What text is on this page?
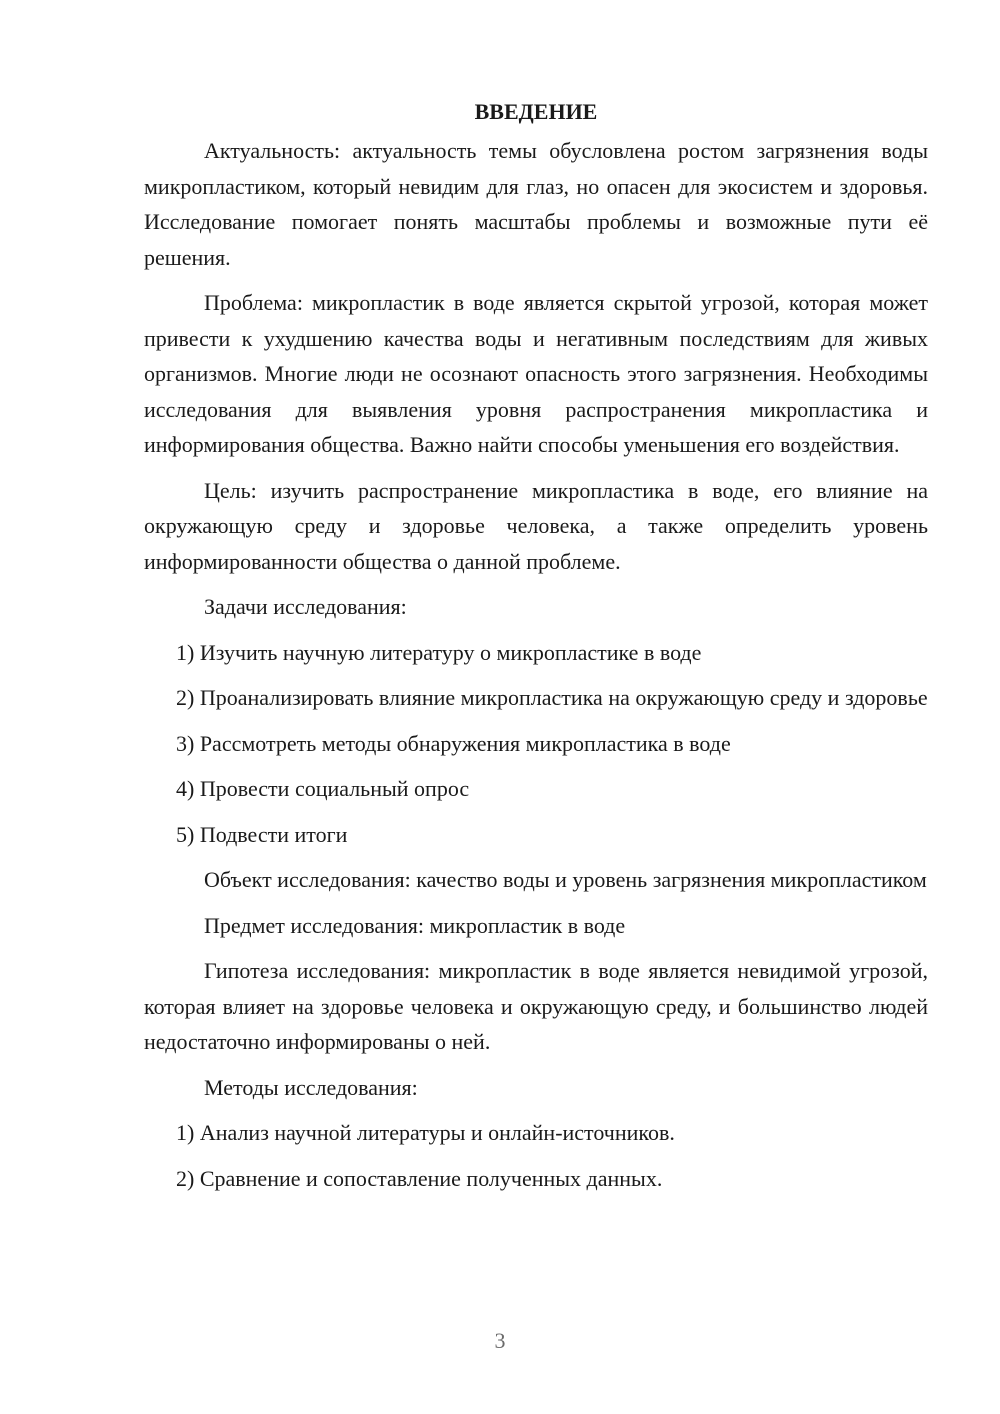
ВВЕДЕНИЕ

Актуальность: актуальность темы обусловлена ростом загрязнения воды микропластиком, который невидим для глаз, но опасен для экосистем и здоровья. Исследование помогает понять масштабы проблемы и возможные пути её решения.

Проблема: микропластик в воде является скрытой угрозой, которая может привести к ухудшению качества воды и негативным последствиям для живых организмов. Многие люди не осознают опасность этого загрязнения. Необходимы исследования для выявления уровня распространения микропластика и информирования общества. Важно найти способы уменьшения его воздействия.

Цель: изучить распространение микропластика в воде, его влияние на окружающую среду и здоровье человека, а также определить уровень информированности общества о данной проблеме.

Задачи исследования:

1) Изучить научную литературу о микропластике в воде
2) Проанализировать влияние микропластика на окружающую среду и здоровье
3) Рассмотреть методы обнаружения микропластика в воде
4) Провести социальный опрос
5) Подвести итоги

Объект исследования: качество воды и уровень загрязнения микропластиком

Предмет исследования: микропластик в воде

Гипотеза исследования: микропластик в воде является невидимой угрозой, которая влияет на здоровье человека и окружающую среду, и большинство людей недостаточно информированы о ней.

Методы исследования:

1) Анализ научной литературы и онлайн-источников.
2) Сравнение и сопоставление полученных данных.
3
